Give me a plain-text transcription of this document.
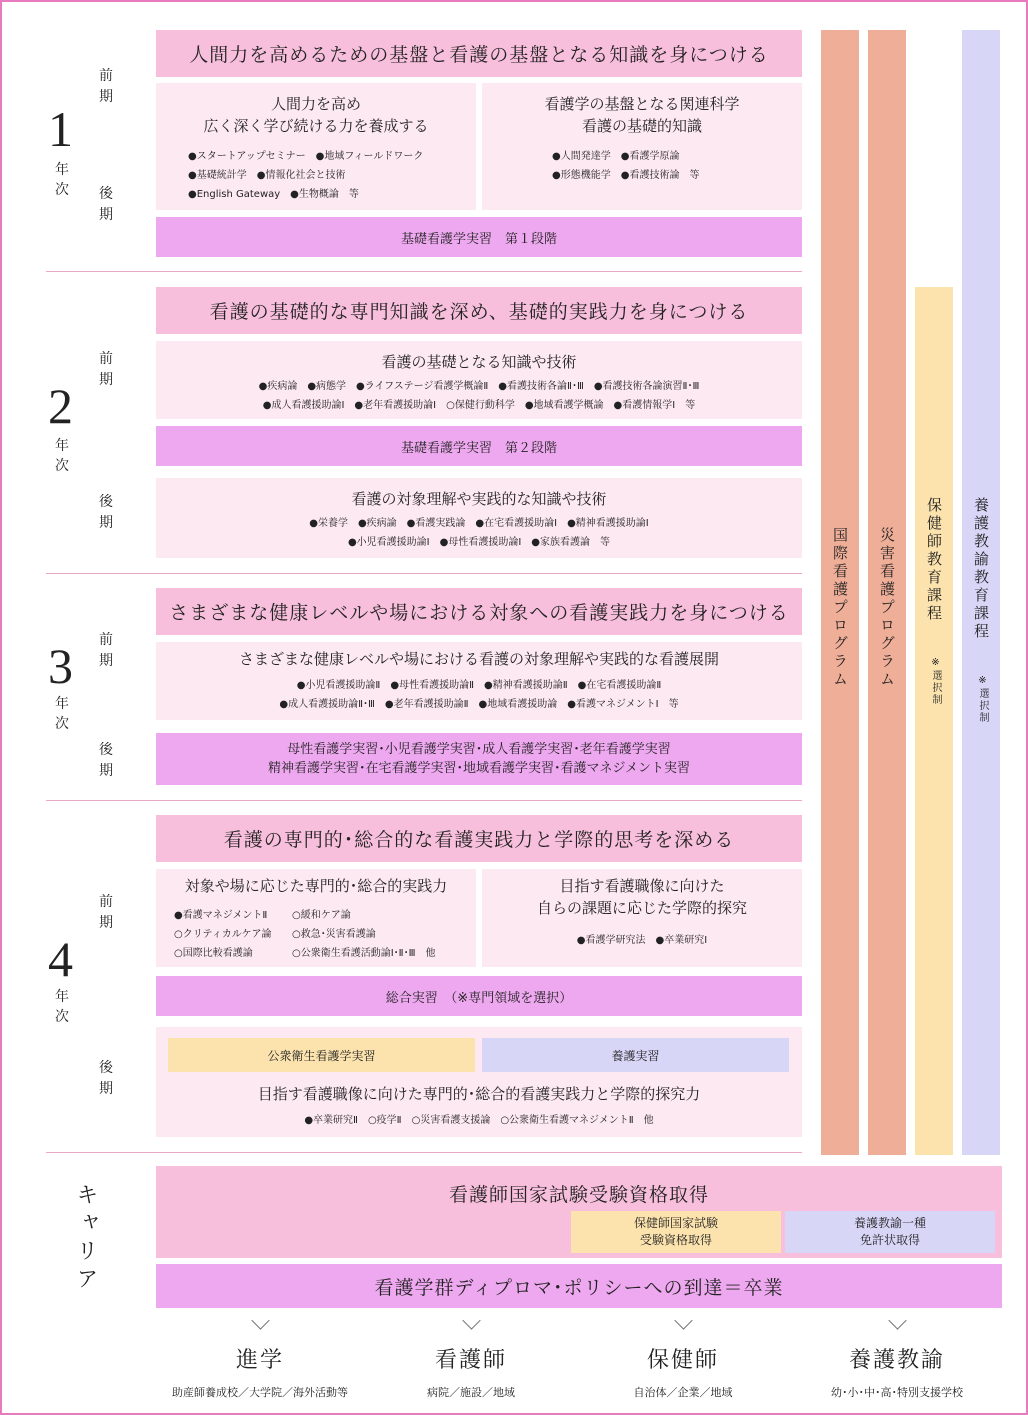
前
期
1
年
次 後
期
人間力を高めるための基盤と看護の基盤となる知識を身につける
人間力を高め
広く深く学び続ける力を養成する
●スタートアップセミナー　●地域フィールドワーク
●基礎統計学　●情報化社会と技術
●English Gateway　●生物概論　等
看護学の基盤となる関連科学
看護の基礎的知識
●人間発達学　●看護学原論
●形態機能学　●看護技術論　等
基礎看護学実習　第１段階
前
期
2
年
次
後
期
看護の基礎的な専門知識を深め、基礎的実践力を身につける
看護の基礎となる知識や技術
●疾病論　●病態学　●ライフステージ看護学概論Ⅱ　●看護技術各論Ⅱ･Ⅲ　●看護技術各論演習Ⅱ･Ⅲ
●成人看護援助論Ⅰ　●老年看護援助論Ⅰ　○保健行動科学　●地域看護学概論　●看護情報学Ⅰ　等
基礎看護学実習　第２段階
看護の対象理解や実践的な知識や技術
●栄養学　●疾病論　●看護実践論　●在宅看護援助論Ⅰ　●精神看護援助論Ⅰ
●小児看護援助論Ⅰ　●母性看護援助論Ⅰ　●家族看護論　等
前
期
3
年
次
後
期
さまざまな健康レベルや場における対象への看護実践力を身につける
さまざまな健康レベルや場における看護の対象理解や実践的な看護展開
●小児看護援助論Ⅱ　●母性看護援助論Ⅱ　●精神看護援助論Ⅱ　●在宅看護援助論Ⅱ
●成人看護援助論Ⅱ･Ⅲ　●老年看護援助論Ⅱ　●地域看護援助論　●看護マネジメントⅠ　等
母性看護学実習･小児看護学実習･成人看護学実習･老年看護学実習
精神看護学実習･在宅看護学実習･地域看護学実習･看護マネジメント実習
前
期
4
年
次
後
期
看護の専門的･総合的な看護実践力と学際的思考を深める
対象や場に応じた専門的･総合的実践力
●看護マネジメントⅡ
○クリティカルケア論
○国際比較看護論
○緩和ケア論
○救急･災害看護論
○公衆衛生看護活動論Ⅰ･Ⅱ･Ⅲ　他
目指す看護職像に向けた
自らの課題に応じた学際的探究
●看護学研究法　●卒業研究Ⅰ
総合実習　（※専門領域を選択）
公衆衛生看護学実習	養護実習
目指す看護職像に向けた専門的･総合的看護実践力と学際的探究力
●卒業研究Ⅱ　○疫学Ⅱ　○災害看護支援論　○公衆衛生看護マネジメントⅡ　他
国際看護プログラム 災害看護プログラム 保健師教育課程
※選択制
養護教諭教育課程
※選択制
キャリア	看護師国家試験受験資格取得
保健師国家試験
受験資格取得
養護教諭一種
免許状取得
看護学群ディプロマ･ポリシーへの到達＝卒業
進学
助産師養成校／大学院／海外活動等
看護師
病院／施設／地域
保健師
自治体／企業／地域
養護教諭
幼･小･中･高･特別支援学校
